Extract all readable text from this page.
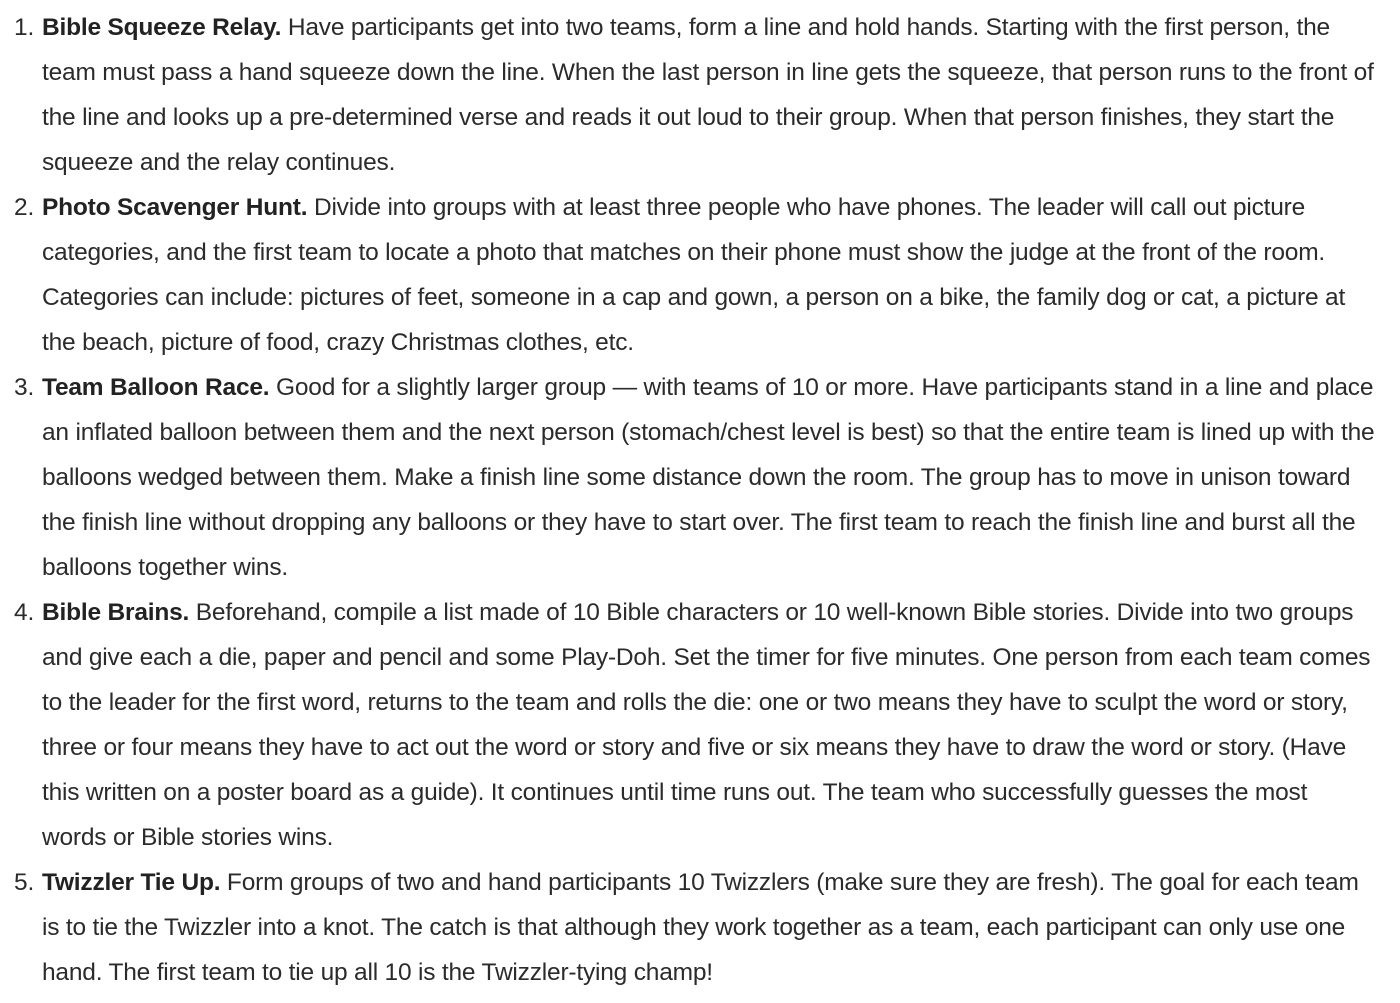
Bible Squeeze Relay. Have participants get into two teams, form a line and hold hands. Starting with the first person, the team must pass a hand squeeze down the line. When the last person in line gets the squeeze, that person runs to the front of the line and looks up a pre-determined verse and reads it out loud to their group. When that person finishes, they start the squeeze and the relay continues.
Photo Scavenger Hunt. Divide into groups with at least three people who have phones. The leader will call out picture categories, and the first team to locate a photo that matches on their phone must show the judge at the front of the room. Categories can include: pictures of feet, someone in a cap and gown, a person on a bike, the family dog or cat, a picture at the beach, picture of food, crazy Christmas clothes, etc.
Team Balloon Race. Good for a slightly larger group — with teams of 10 or more. Have participants stand in a line and place an inflated balloon between them and the next person (stomach/chest level is best) so that the entire team is lined up with the balloons wedged between them. Make a finish line some distance down the room. The group has to move in unison toward the finish line without dropping any balloons or they have to start over. The first team to reach the finish line and burst all the balloons together wins.
Bible Brains. Beforehand, compile a list made of 10 Bible characters or 10 well-known Bible stories. Divide into two groups and give each a die, paper and pencil and some Play-Doh. Set the timer for five minutes. One person from each team comes to the leader for the first word, returns to the team and rolls the die: one or two means they have to sculpt the word or story, three or four means they have to act out the word or story and five or six means they have to draw the word or story. (Have this written on a poster board as a guide). It continues until time runs out. The team who successfully guesses the most words or Bible stories wins.
Twizzler Tie Up. Form groups of two and hand participants 10 Twizzlers (make sure they are fresh). The goal for each team is to tie the Twizzler into a knot. The catch is that although they work together as a team, each participant can only use one hand. The first team to tie up all 10 is the Twizzler-tying champ!
